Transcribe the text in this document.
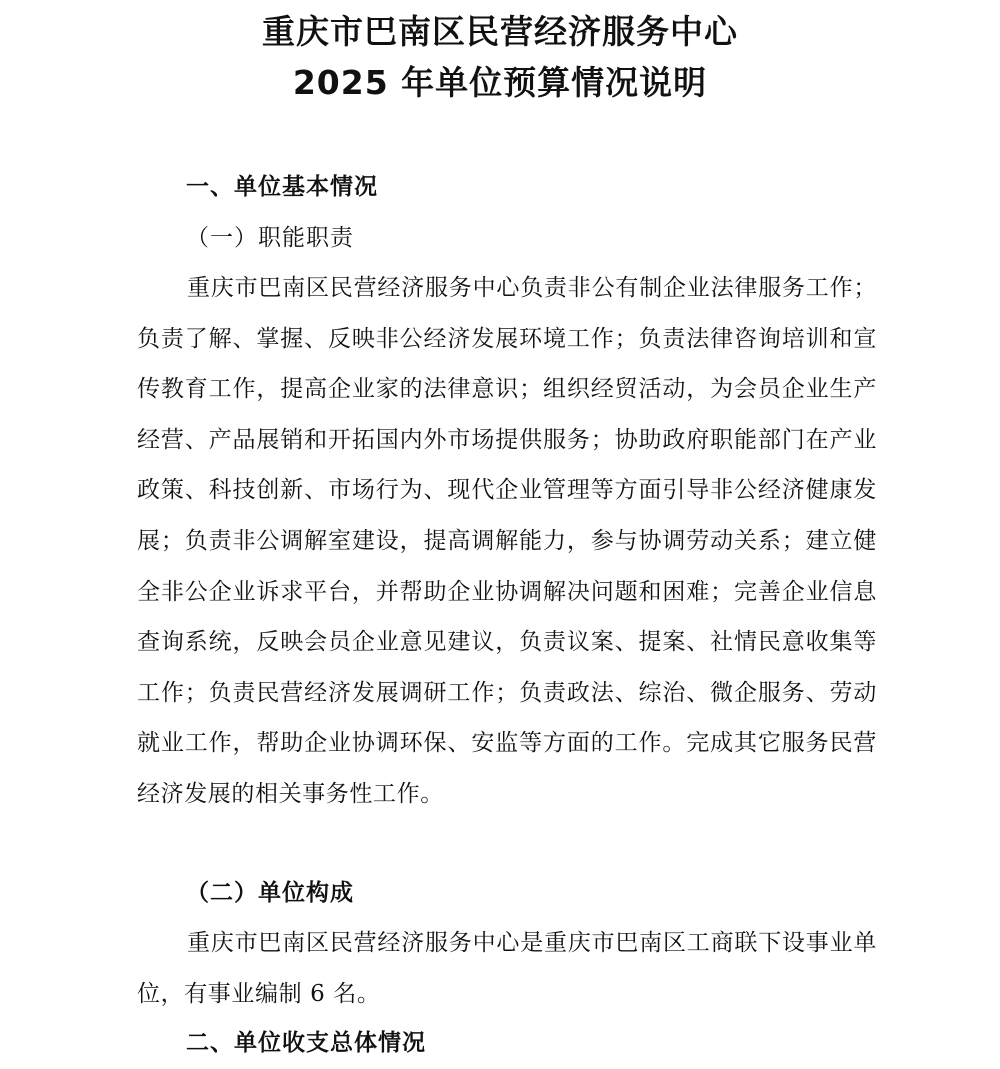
重庆市巴南区民营经济服务中心
2025 年单位预算情况说明
一、单位基本情况
（一）职能职责

重庆市巴南区民营经济服务中心负责非公有制企业法律服务工作；负责了解、掌握、反映非公经济发展环境工作；负责法律咨询培训和宣传教育工作，提高企业家的法律意识；组织经贸活动，为会员企业生产经营、产品展销和开拓国内外市场提供服务；协助政府职能部门在产业政策、科技创新、市场行为、现代企业管理等方面引导非公经济健康发展；负责非公调解室建设，提高调解能力，参与协调劳动关系；建立健全非公企业诉求平台，并帮助企业协调解决问题和困难；完善企业信息查询系统，反映会员企业意见建议，负责议案、提案、社情民意收集等工作；负责民营经济发展调研工作；负责政法、综治、微企服务、劳动就业工作，帮助企业协调环保、安监等方面的工作。完成其它服务民营经济发展的相关事务性工作。

（二）单位构成

重庆市巴南区民营经济服务中心是重庆市巴南区工商联下设事业单位，有事业编制 6 名。

二、单位收支总体情况
